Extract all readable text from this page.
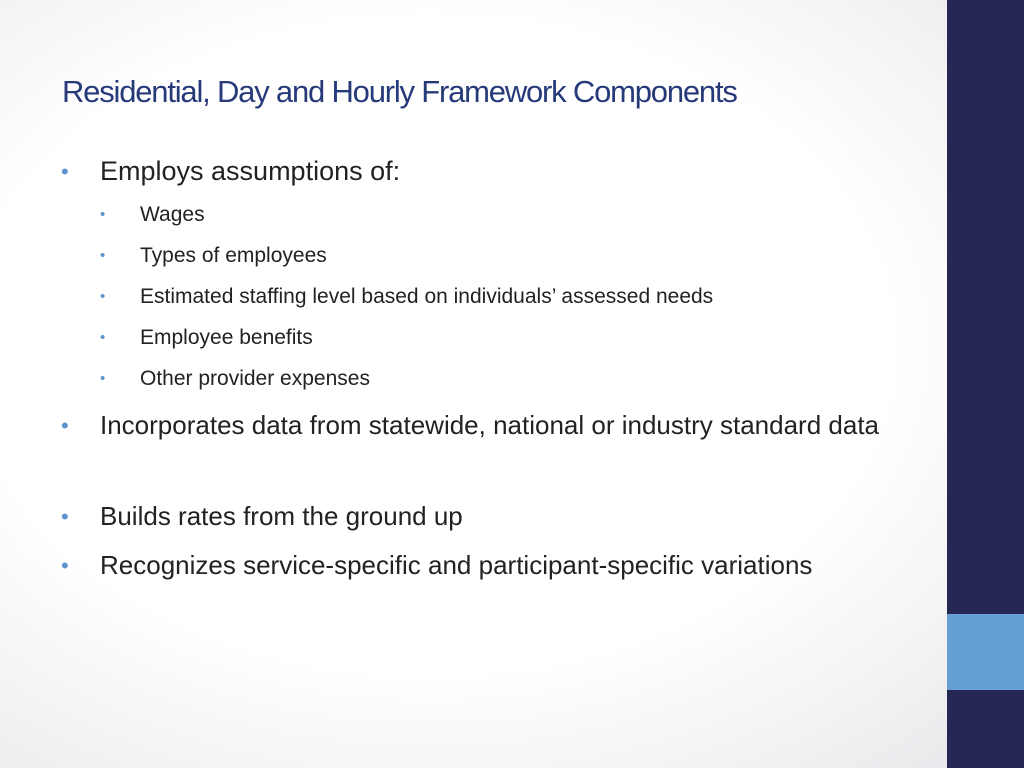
Residential, Day and Hourly Framework Components

• Employs assumptions of:

• Wages

• Types of employees

• Estimated staffing level based on individuals’ assessed needs

• Employee benefits

• Other provider expenses

• Incorporates data from statewide, national or industry standard data

• Builds rates from the ground up

• Recognizes service-specific and participant-specific variations
